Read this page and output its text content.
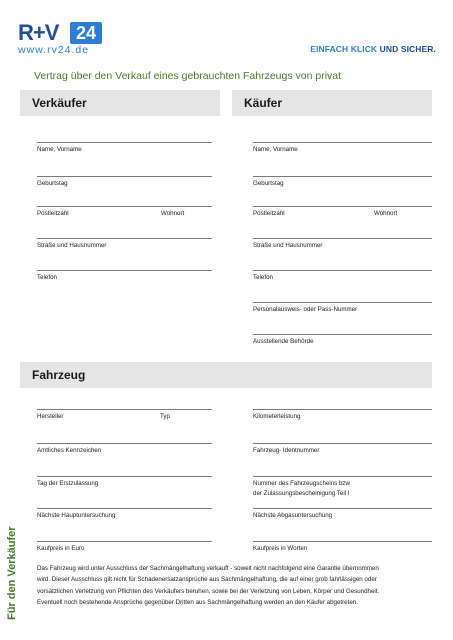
R+V 24
www.rv24.de	EINFACH KLICK UND SICHER.
Vertrag über den Verkauf eines gebrauchten Fahrzeugs von privat
Verkäufer	Käufer
Name, Vorname
Geburtstag
Postleitzahl	Wohnort
Straße und Hausnummer
Telefon
Name, Vorname
Geburtstag
Postleitzahl	Wohnort
Straße und Hausnummer
Telefon
Personalausweis- oder Pass-Nummer
Ausstellende Behörde
Fahrzeug
Hersteller	Typ	Kilometerleistung
Amtliches Kennzeichen	Fahrzeug- Identnummer
Tag der Erstzulassung	Nummer des Fahrzeugscheins bzw
der Zulassungsbescheinigung Teil I
Nächste Hauptuntersuchung	Nächste Abgasuntersuchung
Kaufpreis in Euro	Kaufpreis in Worten
Das Fahrzeug wird unter Ausschluss der Sachmängelhaftung verkauft - soweit nicht nachfolgend eine Garantie übernommen
wird. Dieser Ausschluss gilt nicht für Schadenersatzansprüche aus Sachmängelhaftung, die auf einer grob fahrlässigen oder
vorsätzlichen Verletzung von Pflichten des Verkäufers beruhen, sowie bei der Verletzung von Leben, Körper und Gesundheit.
Eventuell noch bestehende Ansprüche gegenüber Dritten aus Sachmängelhaftung werden an den Käufer abgetreten.
Für den Verkäufer
